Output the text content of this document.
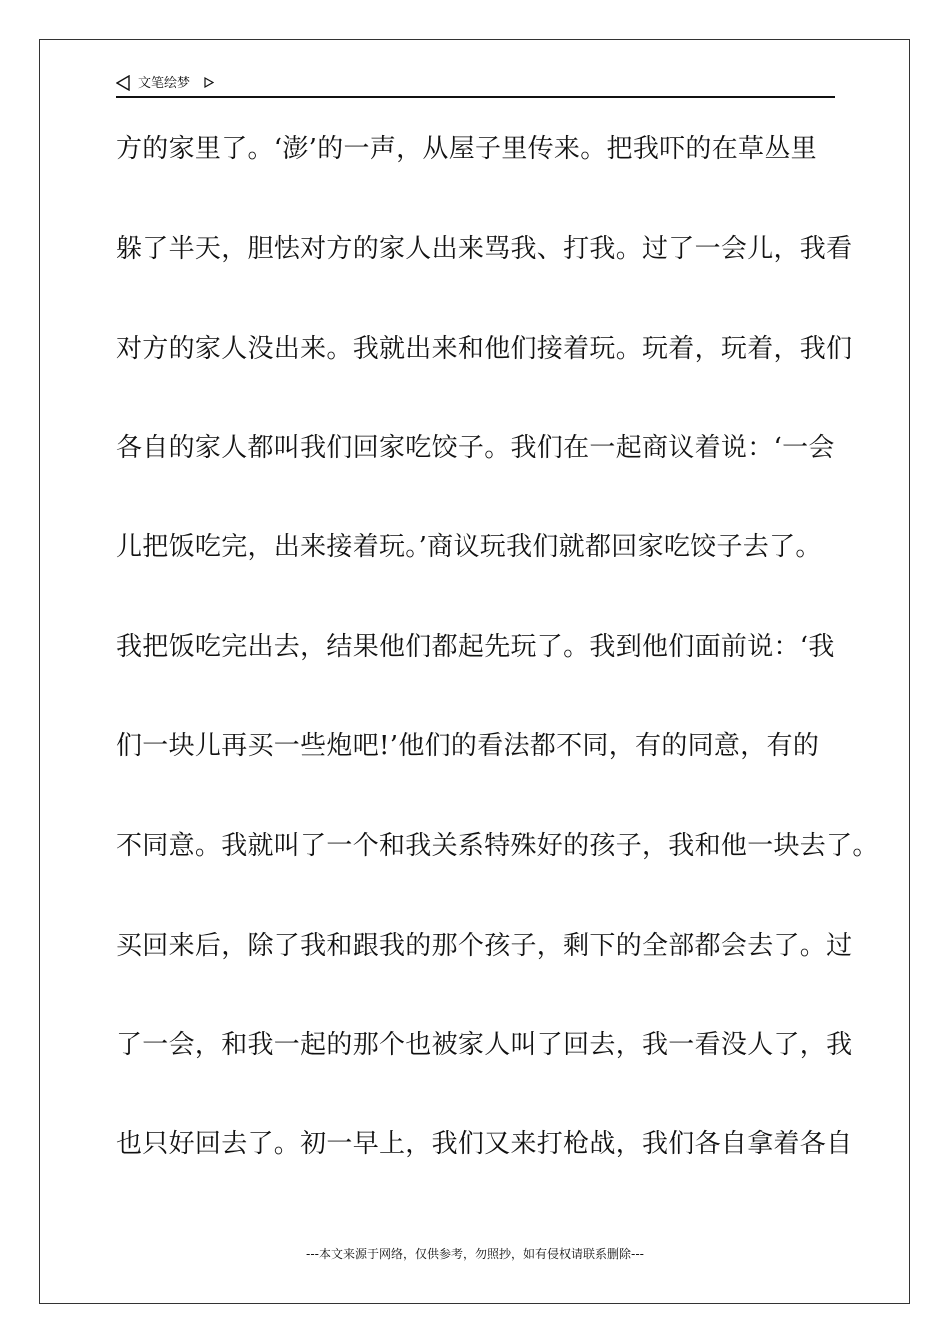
文笔绘梦
方的家里了。‘澎’的一声，从屋子里传来。把我吓的在草丛里
躲了半天，胆怯对方的家人出来骂我、打我。过了一会儿，我看
对方的家人没出来。我就出来和他们接着玩。玩着，玩着，我们
各自的家人都叫我们回家吃饺子。我们在一起商议着说：‘一会
儿把饭吃完，出来接着玩。’商议玩我们就都回家吃饺子去了。
我把饭吃完出去，结果他们都起先玩了。我到他们面前说：‘我
们一块儿再买一些炮吧!’他们的看法都不同，有的同意，有的
不同意。我就叫了一个和我关系特殊好的孩子，我和他一块去了。
买回来后，除了我和跟我的那个孩子，剩下的全部都会去了。过
了一会，和我一起的那个也被家人叫了回去，我一看没人了，我
也只好回去了。初一早上，我们又来打枪战，我们各自拿着各自
---本文来源于网络，仅供参考，勿照抄，如有侵权请联系删除---
